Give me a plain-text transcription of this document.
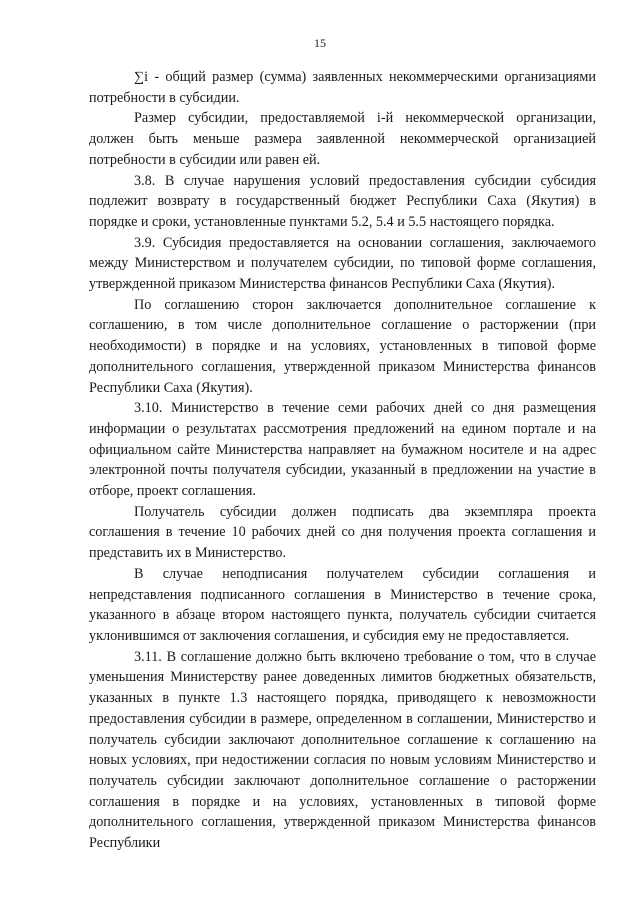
15

∑i - общий размер (сумма) заявленных некоммерческими организациями потребности в субсидии.

Размер субсидии, предоставляемой i-й некоммерческой организации, должен быть меньше размера заявленной некоммерческой организацией потребности в субсидии или равен ей.

3.8. В случае нарушения условий предоставления субсидии субсидия подлежит возврату в государственный бюджет Республики Саха (Якутия) в порядке и сроки, установленные пунктами 5.2, 5.4 и 5.5 настоящего порядка.

3.9. Субсидия предоставляется на основании соглашения, заключаемого между Министерством и получателем субсидии, по типовой форме соглашения, утвержденной приказом Министерства финансов Республики Саха (Якутия).

По соглашению сторон заключается дополнительное соглашение к соглашению, в том числе дополнительное соглашение о расторжении (при необходимости) в порядке и на условиях, установленных в типовой форме дополнительного соглашения, утвержденной приказом Министерства финансов Республики Саха (Якутия).

3.10. Министерство в течение семи рабочих дней со дня размещения информации о результатах рассмотрения предложений на едином портале и на официальном сайте Министерства направляет на бумажном носителе и на адрес электронной почты получателя субсидии, указанный в предложении на участие в отборе, проект соглашения.

Получатель субсидии должен подписать два экземпляра проекта соглашения в течение 10 рабочих дней со дня получения проекта соглашения и представить их в Министерство.

В случае неподписания получателем субсидии соглашения и непредставления подписанного соглашения в Министерство в течение срока, указанного в абзаце втором настоящего пункта, получатель субсидии считается уклонившимся от заключения соглашения, и субсидия ему не предоставляется.

3.11. В соглашение должно быть включено требование о том, что в случае уменьшения Министерству ранее доведенных лимитов бюджетных обязательств, указанных в пункте 1.3 настоящего порядка, приводящего к невозможности предоставления субсидии в размере, определенном в соглашении, Министерство и получатель субсидии заключают дополнительное соглашение к соглашению на новых условиях, при недостижении согласия по новым условиям Министерство и получатель субсидии заключают дополнительное соглашение о расторжении соглашения в порядке и на условиях, установленных в типовой форме дополнительного соглашения, утвержденной приказом Министерства финансов Республики
